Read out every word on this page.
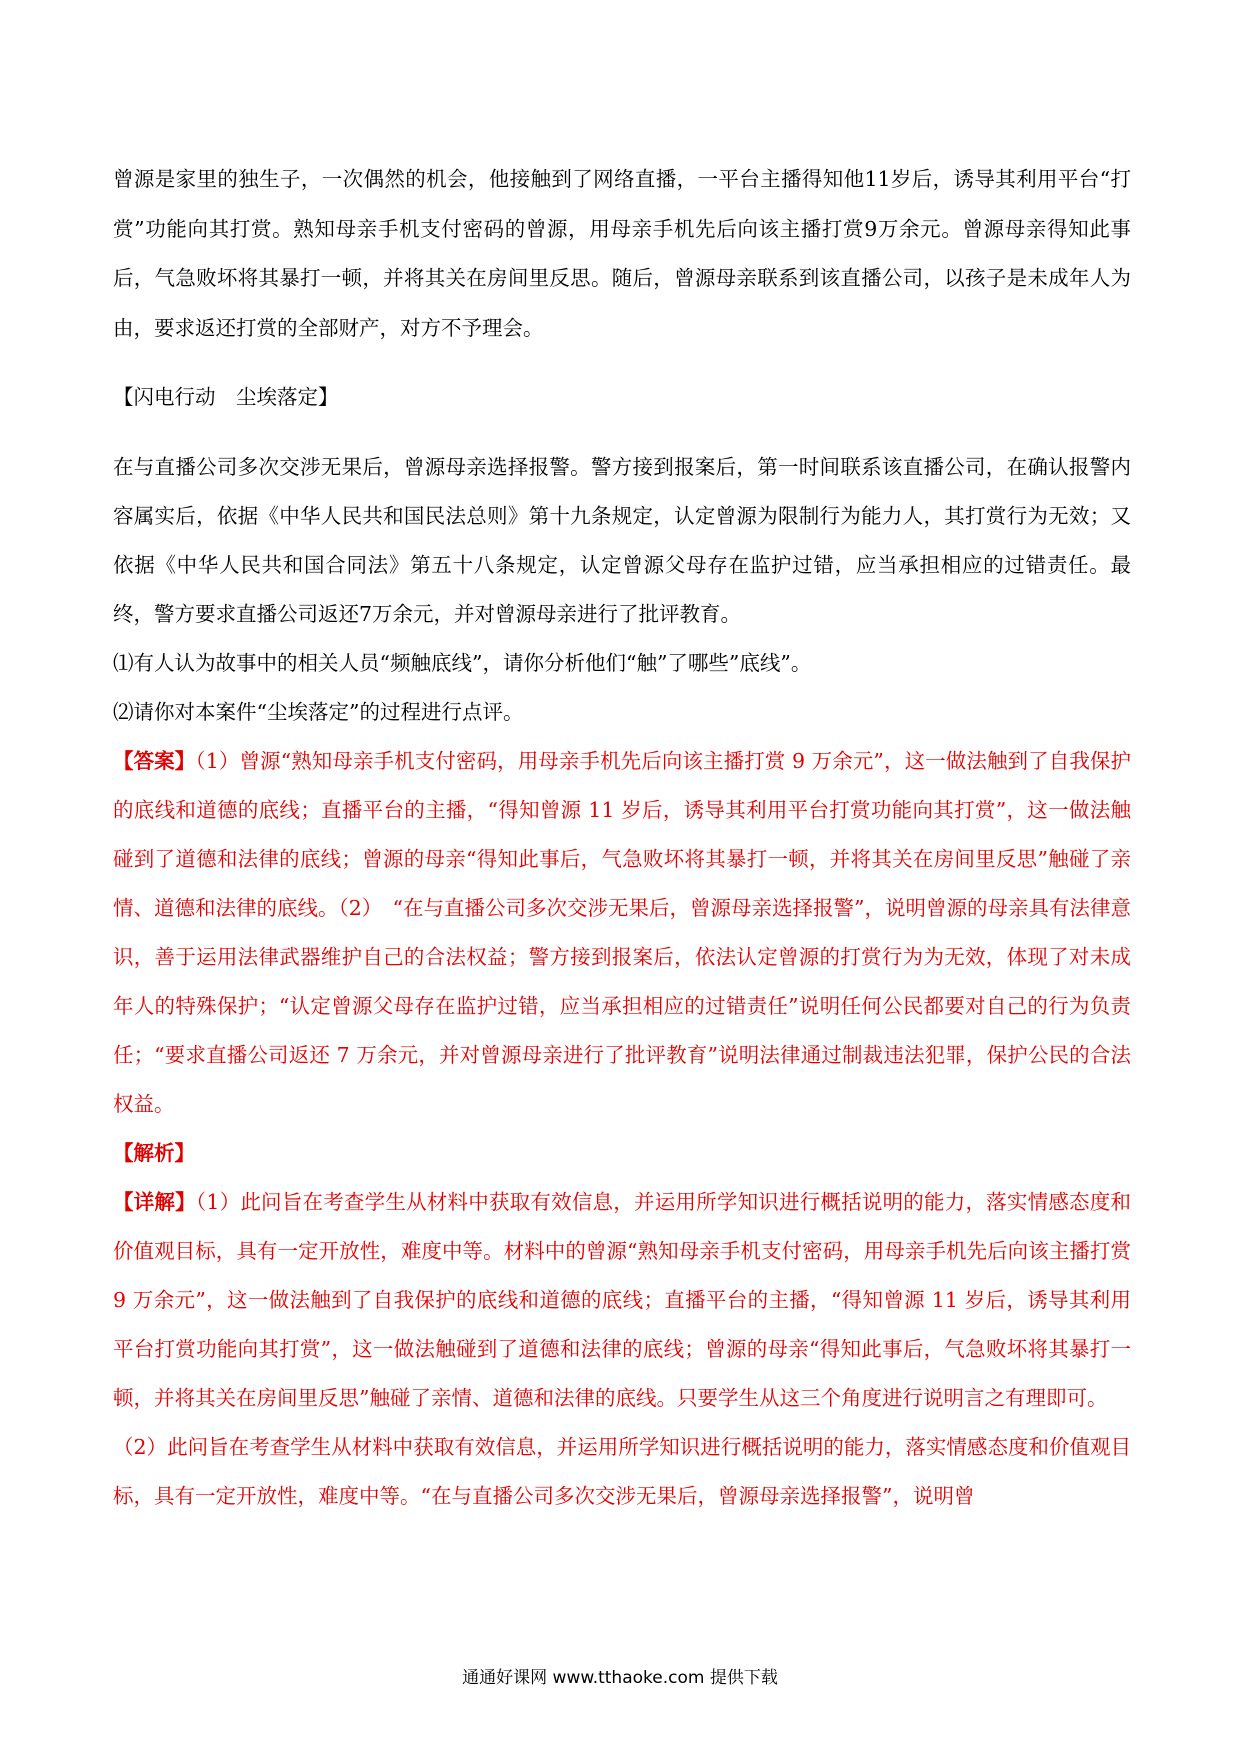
曾源是家里的独生子，一次偶然的机会，他接触到了网络直播，一平台主播得知他11岁后，诱导其利用平台“打赏”功能向其打赏。熟知母亲手机支付密码的曾源，用母亲手机先后向该主播打赏9万余元。曾源母亲得知此事后，气急败坏将其暴打一顿，并将其关在房间里反思。随后，曾源母亲联系到该直播公司，以孩子是未成年人为由，要求返还打赏的全部财产，对方不予理会。

【闪电行动　尘埃落定】

在与直播公司多次交涉无果后，曾源母亲选择报警。警方接到报案后，第一时间联系该直播公司，在确认报警内容属实后，依据《中华人民共和国民法总则》第十九条规定，认定曾源为限制行为能力人，其打赏行为无效；又依据《中华人民共和国合同法》第五十八条规定，认定曾源父母存在监护过错，应当承担相应的过错责任。最终，警方要求直播公司返还7万余元，并对曾源母亲进行了批评教育。

⑴有人认为故事中的相关人员“频触底线”，请你分析他们“触”了哪些”底线”。

⑵请你对本案件“尘埃落定”的过程进行点评。

【答案】（1）曾源“熟知母亲手机支付密码，用母亲手机先后向该主播打赏 9 万余元”，这一做法触到了自我保护的底线和道德的底线；直播平台的主播，“得知曾源 11 岁后，诱导其利用平台打赏功能向其打赏”，这一做法触碰到了道德和法律的底线；曾源的母亲“得知此事后，气急败坏将其暴打一顿，并将其关在房间里反思”触碰了亲情、道德和法律的底线。（2）　“在与直播公司多次交涉无果后，曾源母亲选择报警”，说明曾源的母亲具有法律意识，善于运用法律武器维护自己的合法权益；警方接到报案后，依法认定曾源的打赏行为为无效，体现了对未成年人的特殊保护；“认定曾源父母存在监护过错，应当承担相应的过错责任”说明任何公民都要对自己的行为负责任；“要求直播公司返还 7 万余元，并对曾源母亲进行了批评教育”说明法律通过制裁违法犯罪，保护公民的合法权益。

【解析】

【详解】（1）此问旨在考查学生从材料中获取有效信息，并运用所学知识进行概括说明的能力，落实情感态度和价值观目标，具有一定开放性，难度中等。材料中的曾源“熟知母亲手机支付密码，用母亲手机先后向该主播打赏 9 万余元”，这一做法触到了自我保护的底线和道德的底线；直播平台的主播，“得知曾源 11 岁后，诱导其利用平台打赏功能向其打赏”，这一做法触碰到了道德和法律的底线；曾源的母亲“得知此事后，气急败坏将其暴打一顿，并将其关在房间里反思”触碰了亲情、道德和法律的底线。只要学生从这三个角度进行说明言之有理即可。

（2）此问旨在考查学生从材料中获取有效信息，并运用所学知识进行概括说明的能力，落实情感态度和价值观目标，具有一定开放性，难度中等。“在与直播公司多次交涉无果后，曾源母亲选择报警”，说明曾

通通好课网 www.tthaoke.com 提供下载
